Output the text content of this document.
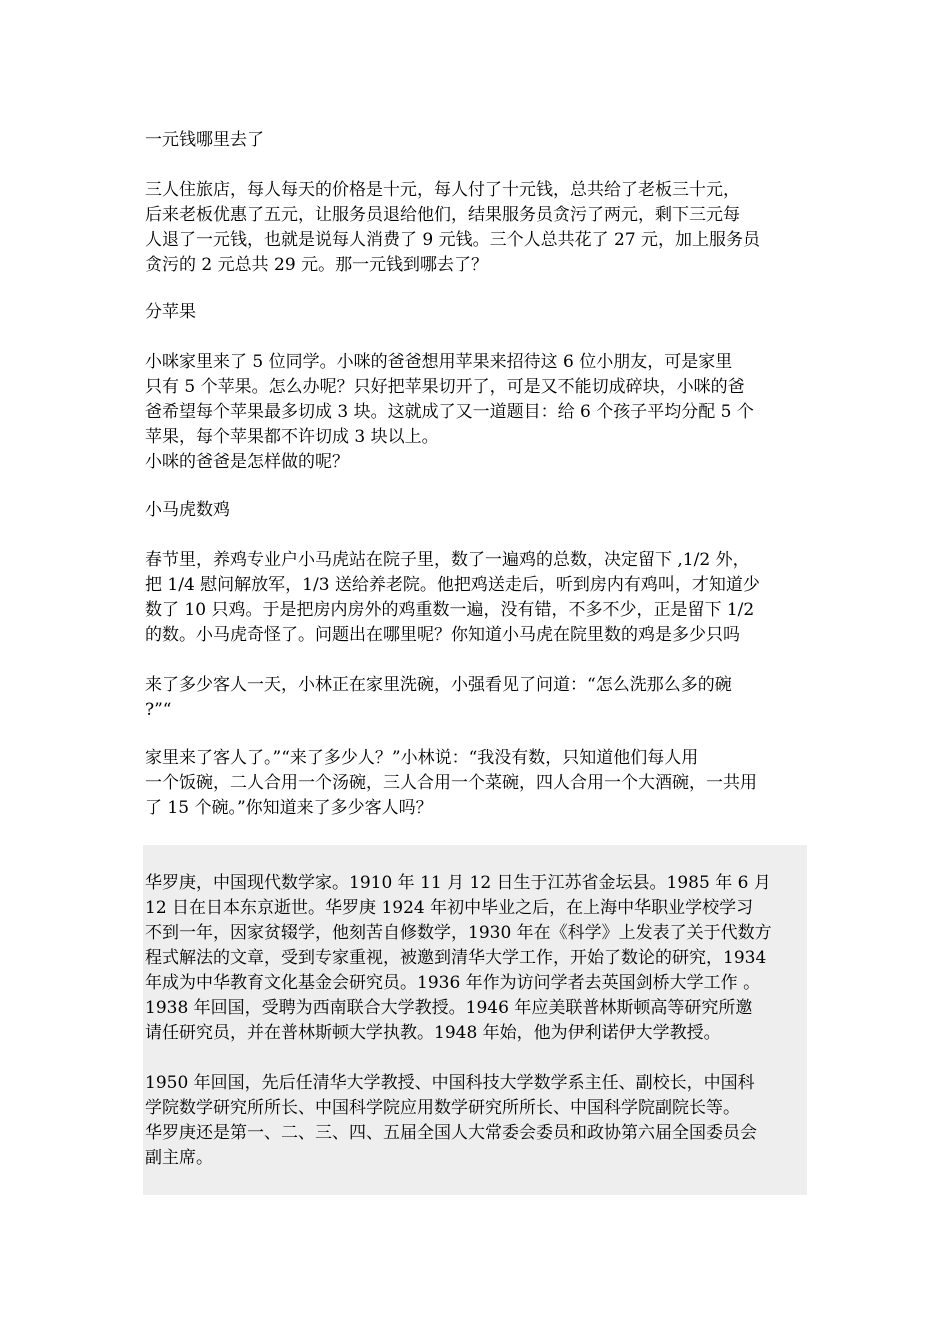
一元钱哪里去了
三人住旅店，每人每天的价格是十元，每人付了十元钱，总共给了老板三十元，
后来老板优惠了五元，让服务员退给他们，结果服务员贪污了两元，剩下三元每
人退了一元钱，也就是说每人消费了 9 元钱。三个人总共花了 27 元，加上服务员
贪污的 2 元总共 29 元。那一元钱到哪去了？
分苹果
小咪家里来了 5 位同学。小咪的爸爸想用苹果来招待这 6 位小朋友，可是家里
只有 5 个苹果。怎么办呢？只好把苹果切开了，可是又不能切成碎块，小咪的爸
爸希望每个苹果最多切成 3 块。这就成了又一道题目：给 6 个孩子平均分配 5 个
苹果，每个苹果都不许切成 3 块以上。
小咪的爸爸是怎样做的呢？
小马虎数鸡
春节里，养鸡专业户小马虎站在院子里，数了一遍鸡的总数，决定留下 ,1/2 外，
把 1/4 慰问解放军，1/3 送给养老院。他把鸡送走后，听到房内有鸡叫，才知道少
数了 10 只鸡。于是把房内房外的鸡重数一遍，没有错，不多不少，正是留下 1/2
的数。小马虎奇怪了。问题出在哪里呢？你知道小马虎在院里数的鸡是多少只吗
来了多少客人一天，小林正在家里洗碗，小强看见了问道：“怎么洗那么多的碗
?”“
家里来了客人了。”“来了多少人？”小林说：“我没有数，只知道他们每人用
一个饭碗，二人合用一个汤碗，三人合用一个菜碗，四人合用一个大酒碗，一共用
了 15 个碗。”你知道来了多少客人吗？
华罗庚，中国现代数学家。1910 年 11 月 12 日生于江苏省金坛县。1985 年 6 月
12 日在日本东京逝世。华罗庚 1924 年初中毕业之后，在上海中华职业学校学习
不到一年，因家贫辍学，他刻苦自修数学，1930 年在《科学》上发表了关于代数方
程式解法的文章，受到专家重视，被邀到清华大学工作，开始了数论的研究，1934
年成为中华教育文化基金会研究员。1936 年作为访问学者去英国剑桥大学工作 。
1938 年回国，受聘为西南联合大学教授。1946 年应美联普林斯顿高等研究所邀
请任研究员，并在普林斯顿大学执教。1948 年始，他为伊利诺伊大学教授。
1950 年回国，先后任清华大学教授、中国科技大学数学系主任、副校长，中国科
学院数学研究所所长、中国科学院应用数学研究所所长、中国科学院副院长等。
华罗庚还是第一、二、三、四、五届全国人大常委会委员和政协第六届全国委员会
副主席。
